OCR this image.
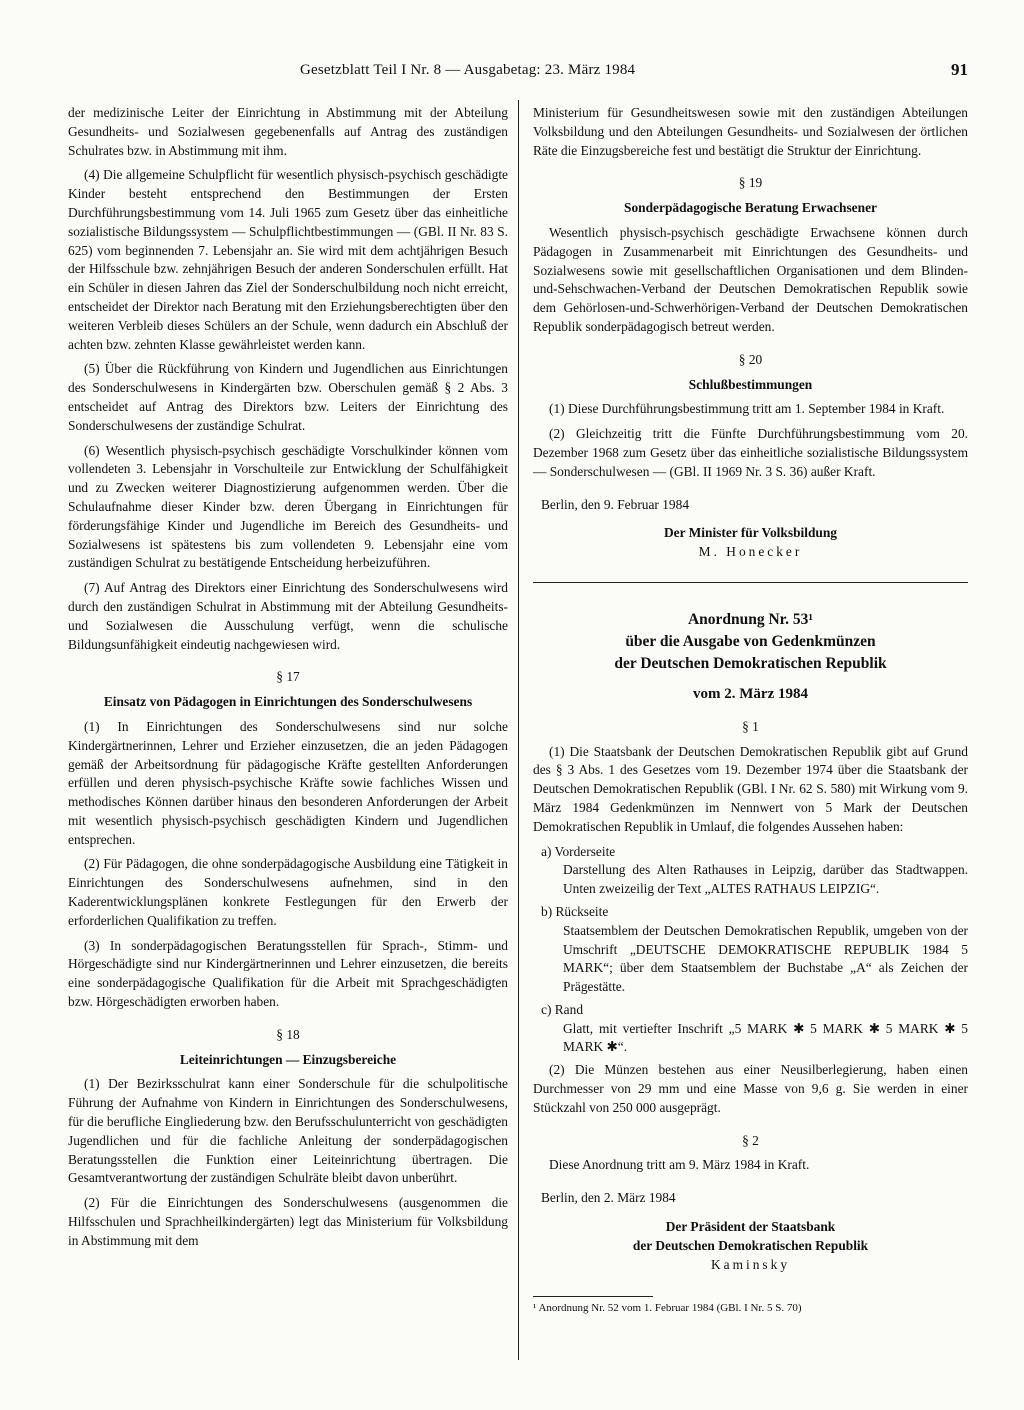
Gesetzblatt Teil I Nr. 8 — Ausgabetag: 23. März 1984	91

der medizinische Leiter der Einrichtung in Abstimmung mit der Abteilung Gesundheits- und Sozialwesen gegebenenfalls auf Antrag des zuständigen Schulrates bzw. in Abstimmung mit ihm.

(4) Die allgemeine Schulpflicht für wesentlich physisch-psychisch geschädigte Kinder besteht entsprechend den Bestimmungen der Ersten Durchführungsbestimmung vom 14. Juli 1965 zum Gesetz über das einheitliche sozialistische Bildungssystem — Schulpflichtbestimmungen — (GBl. II Nr. 83 S. 625) vom beginnenden 7. Lebensjahr an. Sie wird mit dem achtjährigen Besuch der Hilfsschule bzw. zehnjährigen Besuch der anderen Sonderschulen erfüllt. Hat ein Schüler in diesen Jahren das Ziel der Sonderschulbildung noch nicht erreicht, entscheidet der Direktor nach Beratung mit den Erziehungsberechtigten über den weiteren Verbleib dieses Schülers an der Schule, wenn dadurch ein Abschluß der achten bzw. zehnten Klasse gewährleistet werden kann.

(5) Über die Rückführung von Kindern und Jugendlichen aus Einrichtungen des Sonderschulwesens in Kindergärten bzw. Oberschulen gemäß § 2 Abs. 3 entscheidet auf Antrag des Direktors bzw. Leiters der Einrichtung des Sonderschulwesens der zuständige Schulrat.

(6) Wesentlich physisch-psychisch geschädigte Vorschulkinder können vom vollendeten 3. Lebensjahr in Vorschulteile zur Entwicklung der Schulfähigkeit und zu Zwecken weiterer Diagnostizierung aufgenommen werden. Über die Schulaufnahme dieser Kinder bzw. deren Übergang in Einrichtungen für förderungsfähige Kinder und Jugendliche im Bereich des Gesundheits- und Sozialwesens ist spätestens bis zum vollendeten 9. Lebensjahr eine vom zuständigen Schulrat zu bestätigende Entscheidung herbeizuführen.

(7) Auf Antrag des Direktors einer Einrichtung des Sonderschulwesens wird durch den zuständigen Schulrat in Abstimmung mit der Abteilung Gesundheits- und Sozialwesen die Ausschulung verfügt, wenn die schulische Bildungsunfähigkeit eindeutig nachgewiesen wird.

§ 17
Einsatz von Pädagogen in Einrichtungen des Sonderschulwesens

(1) In Einrichtungen des Sonderschulwesens sind nur solche Kindergärtnerinnen, Lehrer und Erzieher einzusetzen, die an jeden Pädagogen gemäß der Arbeitsordnung für pädagogische Kräfte gestellten Anforderungen erfüllen und deren physisch-psychische Kräfte sowie fachliches Wissen und methodisches Können darüber hinaus den besonderen Anforderungen der Arbeit mit wesentlich physisch-psychisch geschädigten Kindern und Jugendlichen entsprechen.

(2) Für Pädagogen, die ohne sonderpädagogische Ausbildung eine Tätigkeit in Einrichtungen des Sonderschulwesens aufnehmen, sind in den Kaderentwicklungsplänen konkrete Festlegungen für den Erwerb der erforderlichen Qualifikation zu treffen.

(3) In sonderpädagogischen Beratungsstellen für Sprach-, Stimm- und Hörgeschädigte sind nur Kindergärtnerinnen und Lehrer einzusetzen, die bereits eine sonderpädagogische Qualifikation für die Arbeit mit Sprachgeschädigten bzw. Hörgeschädigten erworben haben.

§ 18
Leiteinrichtungen — Einzugsbereiche

(1) Der Bezirksschulrat kann einer Sonderschule für die schulpolitische Führung der Aufnahme von Kindern in Einrichtungen des Sonderschulwesens, für die berufliche Eingliederung bzw. den Berufsschulunterricht von geschädigten Jugendlichen und für die fachliche Anleitung der sonderpädagogischen Beratungsstellen die Funktion einer Leiteinrichtung übertragen. Die Gesamtverantwortung der zuständigen Schulräte bleibt davon unberührt.

(2) Für die Einrichtungen des Sonderschulwesens (ausgenommen die Hilfsschulen und Sprachheilkindergärten) legt das Ministerium für Volksbildung in Abstimmung mit dem

Ministerium für Gesundheitswesen sowie mit den zuständigen Abteilungen Volksbildung und den Abteilungen Gesundheits- und Sozialwesen der örtlichen Räte die Einzugsbereiche fest und bestätigt die Struktur der Einrichtung.

§ 19
Sonderpädagogische Beratung Erwachsener

Wesentlich physisch-psychisch geschädigte Erwachsene können durch Pädagogen in Zusammenarbeit mit Einrichtungen des Gesundheits- und Sozialwesens sowie mit gesellschaftlichen Organisationen und dem Blinden-und-Sehschwachen-Verband der Deutschen Demokratischen Republik sowie dem Gehörlosen-und-Schwerhörigen-Verband der Deutschen Demokratischen Republik sonderpädagogisch betreut werden.

§ 20
Schlußbestimmungen

(1) Diese Durchführungsbestimmung tritt am 1. September 1984 in Kraft.

(2) Gleichzeitig tritt die Fünfte Durchführungsbestimmung vom 20. Dezember 1968 zum Gesetz über das einheitliche sozialistische Bildungssystem — Sonderschulwesen — (GBl. II 1969 Nr. 3 S. 36) außer Kraft.

Berlin, den 9. Februar 1984

Der Minister für Volksbildung
M. Honecker
Anordnung Nr. 53¹
über die Ausgabe von Gedenkmünzen
der Deutschen Demokratischen Republik
vom 2. März 1984
§ 1

(1) Die Staatsbank der Deutschen Demokratischen Republik gibt auf Grund des § 3 Abs. 1 des Gesetzes vom 19. Dezember 1974 über die Staatsbank der Deutschen Demokratischen Republik (GBl. I Nr. 62 S. 580) mit Wirkung vom 9. März 1984 Gedenkmünzen im Nennwert von 5 Mark der Deutschen Demokratischen Republik in Umlauf, die folgendes Aussehen haben:

a) Vorderseite
Darstellung des Alten Rathauses in Leipzig, darüber das Stadtwappen. Unten zweizeilig der Text „ALTES RATHAUS LEIPZIG“.
b) Rückseite
Staatsemblem der Deutschen Demokratischen Republik, umgeben von der Umschrift „DEUTSCHE DEMOKRATISCHE REPUBLIK 1984 5 MARK“; über dem Staatsemblem der Buchstabe „A“ als Zeichen der Prägestätte.
c) Rand
Glatt, mit vertiefter Inschrift „5 MARK ✱ 5 MARK ✱ 5 MARK ✱ 5 MARK ✱“.

(2) Die Münzen bestehen aus einer Neusilberlegierung, haben einen Durchmesser von 29 mm und eine Masse von 9,6 g. Sie werden in einer Stückzahl von 250 000 ausgeprägt.

§ 2

Diese Anordnung tritt am 9. März 1984 in Kraft.

Berlin, den 2. März 1984

Der Präsident der Staatsbank
der Deutschen Demokratischen Republik
Kaminsky
¹ Anordnung Nr. 52 vom 1. Februar 1984 (GBl. I Nr. 5 S. 70)
